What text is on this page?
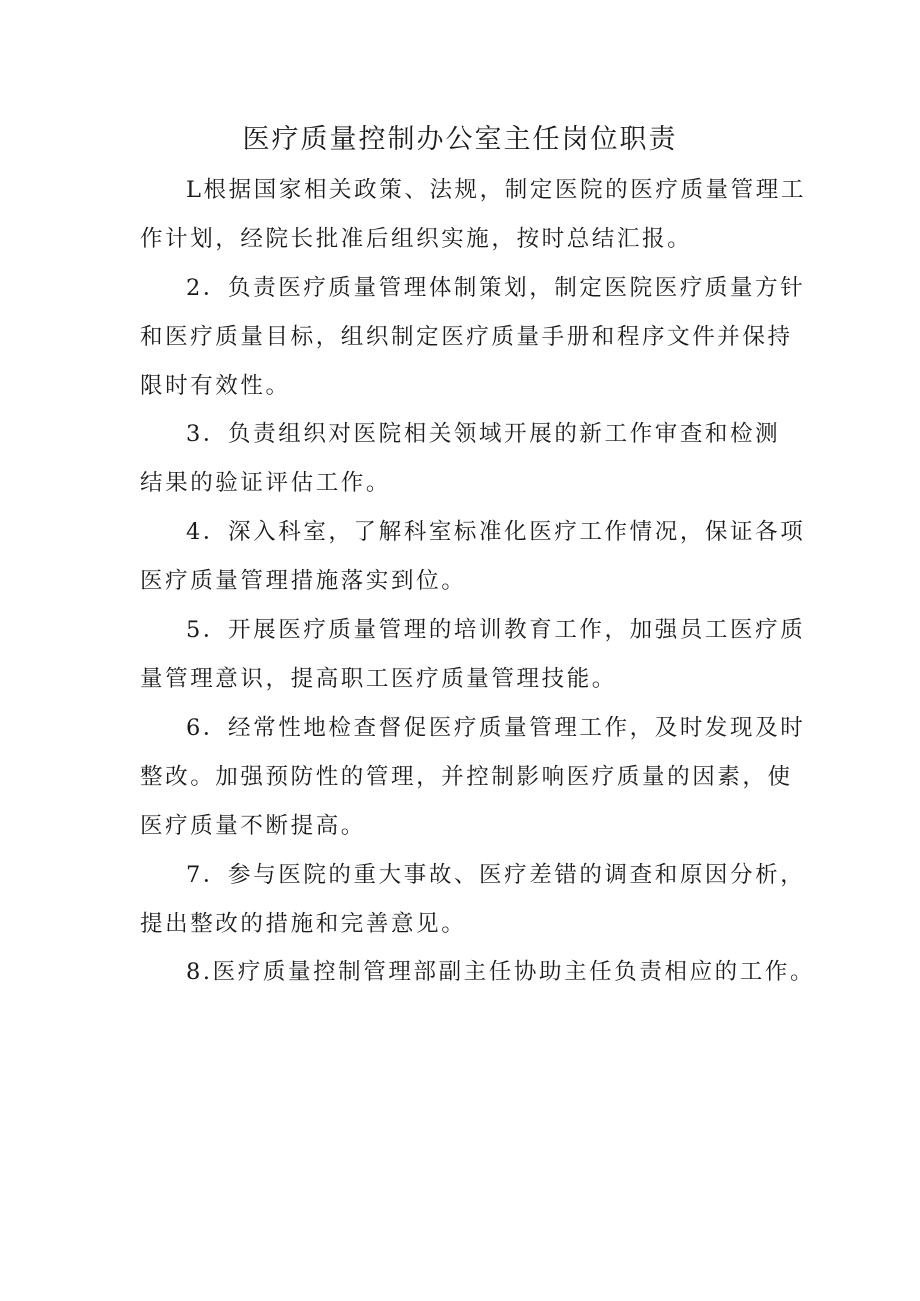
医疗质量控制办公室主任岗位职责

L根据国家相关政策、法规，制定医院的医疗质量管理工
作计划，经院长批准后组织实施，按时总结汇报。

2．负责医疗质量管理体制策划，制定医院医疗质量方针
和医疗质量目标，组织制定医疗质量手册和程序文件并保持
限时有效性。

3．负责组织对医院相关领域开展的新工作审查和检测
结果的验证评估工作。

4．深入科室，了解科室标准化医疗工作情况，保证各项
医疗质量管理措施落实到位。

5．开展医疗质量管理的培训教育工作，加强员工医疗质
量管理意识，提高职工医疗质量管理技能。

6．经常性地检查督促医疗质量管理工作，及时发现及时
整改。加强预防性的管理，并控制影响医疗质量的因素，使
医疗质量不断提高。

7．参与医院的重大事故、医疗差错的调查和原因分析，
提出整改的措施和完善意见。

8.医疗质量控制管理部副主任协助主任负责相应的工作。
